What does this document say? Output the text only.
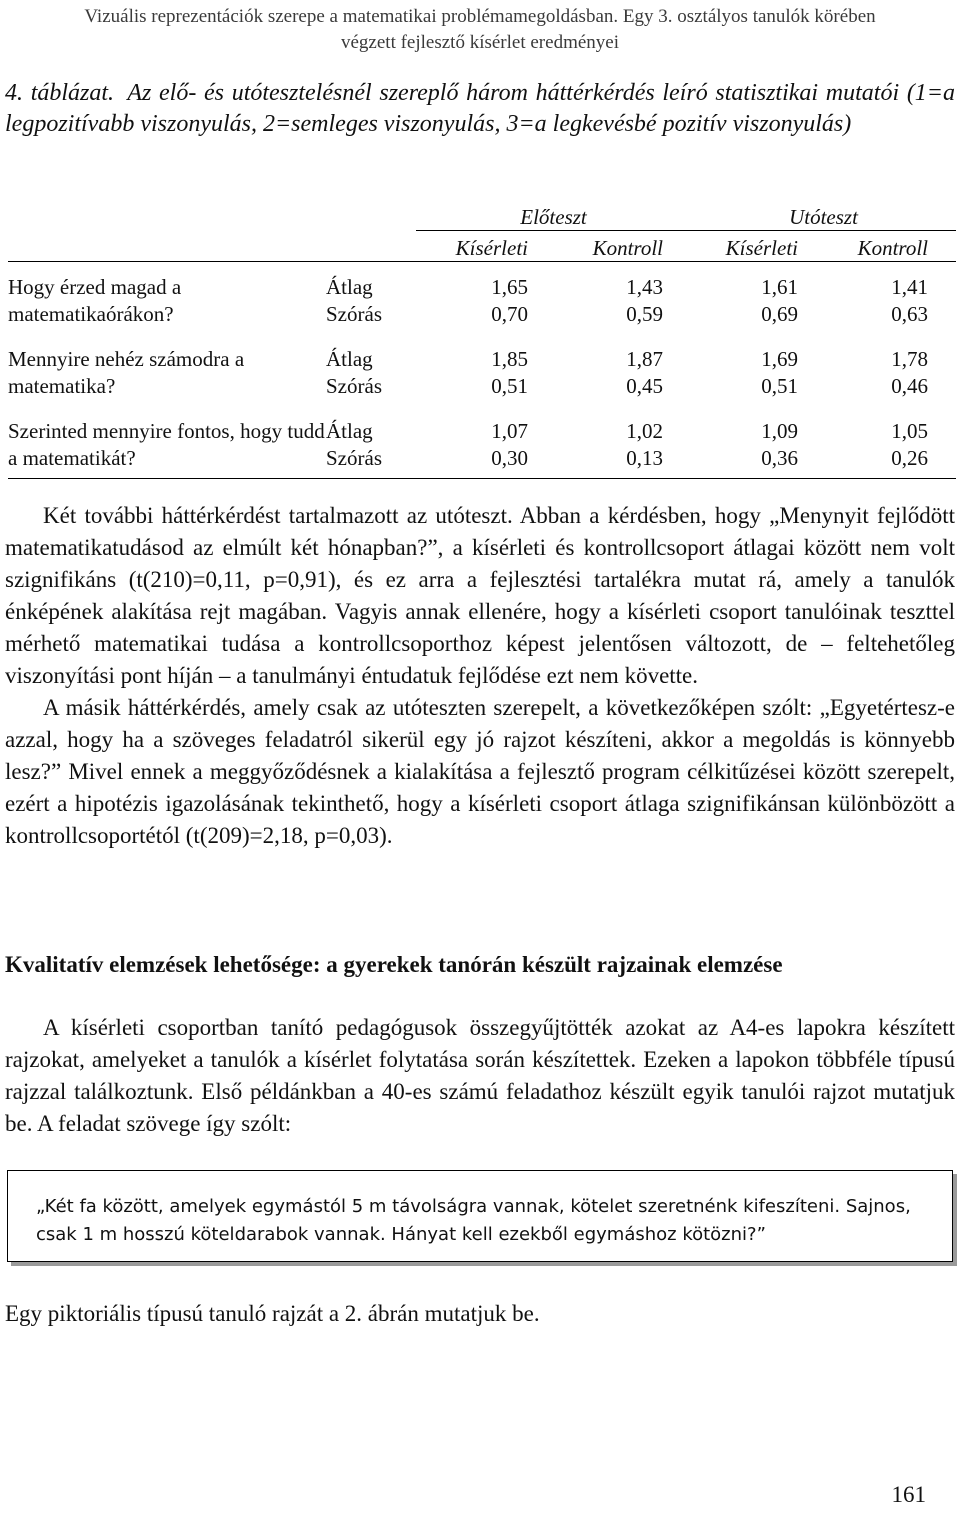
Vizuális reprezentációk szerepe a matematikai problémamegoldásban. Egy 3. osztályos tanulók körében
végzett fejlesztő kísérlet eredményei
4. táblázat. Az elő- és utótesztelésnél szereplő három háttérkérdés leíró statisztikai mutatói (1=a legpozitívabb viszonyulás, 2=semleges viszonyulás, 3=a legkevésbé pozitív viszonyulás)
		Előteszt		Utóteszt	
		Kísérleti	Kontroll	Kísérleti	Kontroll
Hogy érzed magad a matematikaórákon?	Átlag	1,65	1,43	1,61	1,41
	Szórás	0,70	0,59	0,69	0,63
Mennyire nehéz számodra a matematika?	Átlag	1,85	1,87	1,69	1,78
	Szórás	0,51	0,45	0,51	0,46
Szerinted mennyire fontos, hogy tudd a matematikát?	Átlag	1,07	1,02	1,09	1,05
	Szórás	0,30	0,13	0,36	0,26

Két további háttérkérdést tartalmazott az utóteszt. Abban a kérdésben, hogy „Menynyit fejlődött matematikatudásod az elmúlt két hónapban?”, a kísérleti és kontrollcsoport átlagai között nem volt szignifikáns (t(210)=0,11, p=0,91), és ez arra a fejlesztési tartalékra mutat rá, amely a tanulók énképének alakítása rejt magában. Vagyis annak ellenére, hogy a kísérleti csoport tanulóinak teszttel mérhető matematikai tudása a kontrollcsoporthoz képest jelentősen változott, de – feltehetőleg viszonyítási pont híján – a tanulmányi éntudatuk fejlődése ezt nem követte.

A másik háttérkérdés, amely csak az utóteszten szerepelt, a következőképen szólt: „Egyetértesz-e azzal, hogy ha a szöveges feladatról sikerül egy jó rajzot készíteni, akkor a megoldás is könnyebb lesz?” Mivel ennek a meggyőződésnek a kialakítása a fejlesztő program célkitűzései között szerepelt, ezért a hipotézis igazolásának tekinthető, hogy a kísérleti csoport átlaga szignifikánsan különbözött a kontrollcsoportétól (t(209)=2,18, p=0,03).

Kvalitatív elemzések lehetősége: a gyerekek tanórán készült rajzainak elemzése

A kísérleti csoportban tanító pedagógusok összegyűjtötték azokat az A4-es lapokra készített rajzokat, amelyeket a tanulók a kísérlet folytatása során készítettek. Ezeken a lapokon többféle típusú rajzzal találkoztunk. Első példánkban a 40-es számú feladathoz készült egyik tanulói rajzot mutatjuk be. A feladat szövege így szólt:

„Két fa között, amelyek egymástól 5 m távolságra vannak, kötelet szeretnénk kifeszíteni. Sajnos, csak 1 m hosszú köteldarabok vannak. Hányat kell ezekből egymáshoz kötözni?”

Egy piktoriális típusú tanuló rajzát a 2. ábrán mutatjuk be.
161
